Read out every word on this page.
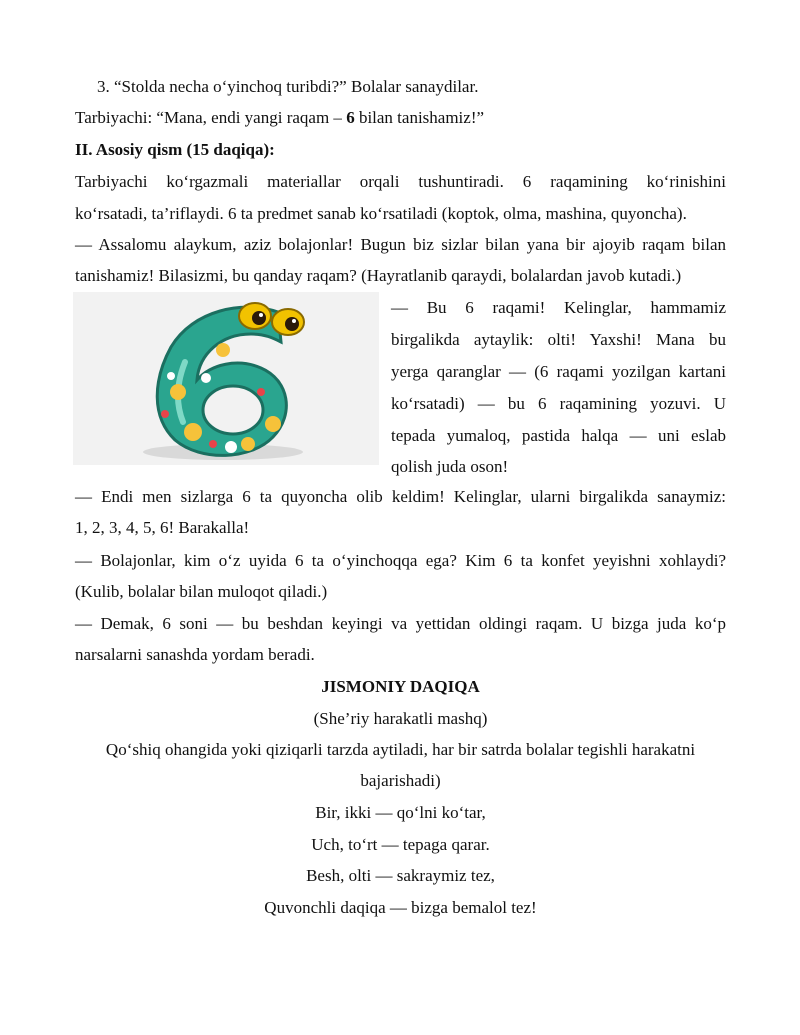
3. “Stolda necha o‘yinchoq turibdi?” Bolalar sanaydilar.
Tarbiyachi: “Mana, endi yangi raqam – 6 bilan tanishamiz!”
II. Asosiy qism (15 daqiqa):
Tarbiyachi ko‘rgazmali materiallar orqali tushuntiradi. 6 raqamining ko‘rinishini
ko‘rsatadi, ta’riflaydi. 6 ta predmet sanab ko‘rsatiladi (koptok, olma, mashina, quyoncha).
— Assalomu alaykum, aziz bolajonlar! Bugun biz sizlar bilan yana bir ajoyib raqam bilan
tanishamiz! Bilasizmi, bu qanday raqam? (Hayratlanib qaraydi, bolalardan javob kutadi.)
— Bu 6 raqami! Kelinglar, hammamiz
birgalikda aytaylik: olti! Yaxshi! Mana bu
yerga qaranglar — (6 raqami yozilgan kartani
ko‘rsatadi) — bu 6 raqamining yozuvi. U
tepada yumaloq, pastida halqa — uni eslab
qolish juda oson!
— Endi men sizlarga 6 ta quyoncha olib keldim! Kelinglar, ularni birgalikda sanaymiz:
1, 2, 3, 4, 5, 6! Barakalla!
— Bolajonlar, kim o‘z uyida 6 ta o‘yinchoqqa ega? Kim 6 ta konfet yeyishni xohlaydi?
(Kulib, bolalar bilan muloqot qiladi.)
— Demak, 6 soni — bu beshdan keyingi va yettidan oldingi raqam. U bizga juda ko‘p
narsalarni sanashda yordam beradi.
JISMONIY DAQIQA
(She’riy harakatli mashq)
Qo‘shiq ohangida yoki qiziqarli tarzda aytiladi, har bir satrda bolalar tegishli harakatni
bajarishadi)
Bir, ikki — qo‘lni ko‘tar,
Uch, to‘rt — tepaga qarar.
Besh, olti — sakraymiz tez,
Quvonchli daqiqa — bizga bemalol tez!
